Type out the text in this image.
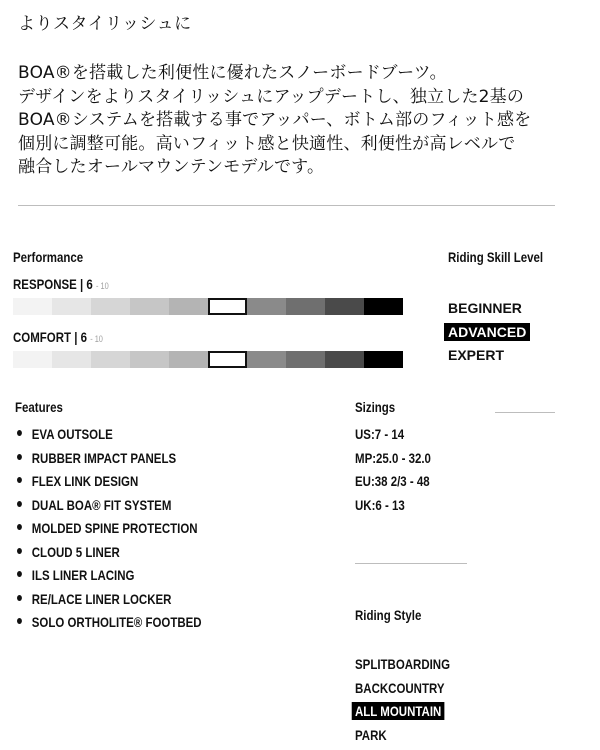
よりスタイリッシュに
BOA®を搭載した利便性に優れたスノーボードブーツ。
デザインをよりスタイリッシュにアップデートし、独立した2基の
BOA®システムを搭載する事でアッパー、ボトム部のフィット感を
個別に調整可能。高いフィット感と快適性、利便性が高レベルで
融合したオールマウンテンモデルです。
Performance
RESPONSE | 6 - 10
COMFORT | 6 - 10
Riding Skill Level
BEGINNER
ADVANCED
EXPERT
Features
EVA OUTSOLE
RUBBER IMPACT PANELS
FLEX LINK DESIGN
DUAL BOA® FIT SYSTEM
MOLDED SPINE PROTECTION
CLOUD 5 LINER
ILS LINER LACING
RE/LACE LINER LOCKER
SOLO ORTHOLITE® FOOTBED
Sizings
US:7 - 14
MP:25.0 - 32.0
EU:38 2/3 - 48
UK:6 - 13
Riding Style
SPLITBOARDING
BACKCOUNTRY
ALL MOUNTAIN
PARK
